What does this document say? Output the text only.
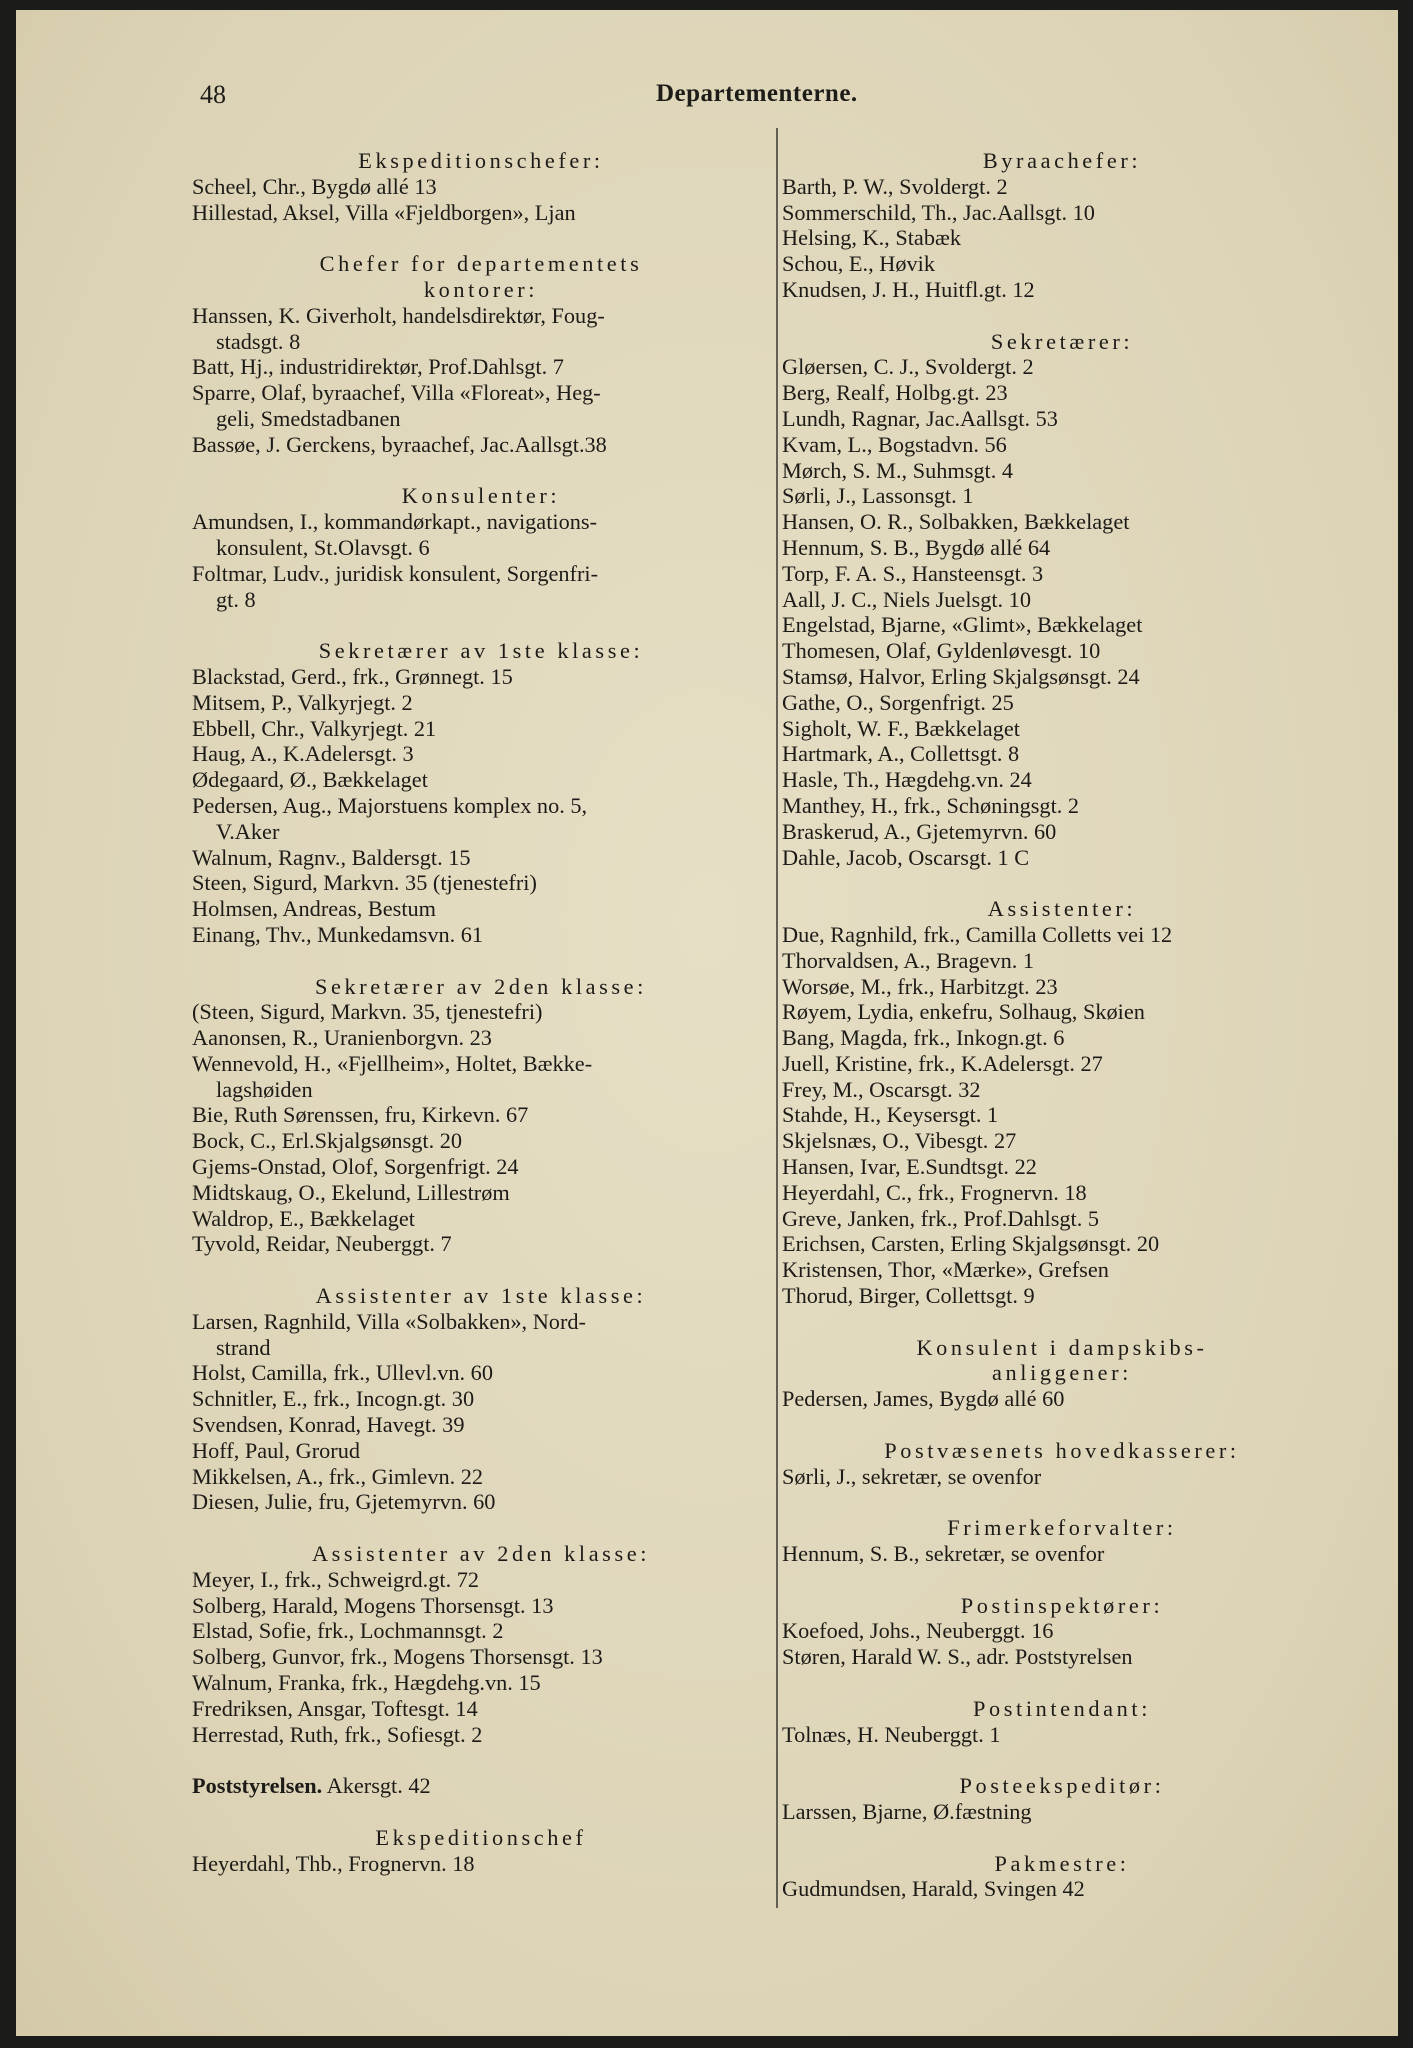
48	Departementerne.
Ekspeditionschefer:
Scheel, Chr., Bygdø allé 13
Hillestad, Aksel, Villa «Fjeldborgen», Ljan
Chefer for departementets
kontorer:
Hanssen, K. Giverholt, handelsdirektør, Foug-
stadsgt. 8
Batt, Hj., industridirektør, Prof.Dahlsgt. 7
Sparre, Olaf, byraachef, Villa «Floreat», Heg-
geli, Smedstadbanen
Bassøe, J. Gerckens, byraachef, Jac.Aallsgt.38
Konsulenter:
Amundsen, I., kommandørkapt., navigations-
konsulent, St.Olavsgt. 6
Foltmar, Ludv., juridisk konsulent, Sorgenfri-
gt. 8
Sekretærer av 1ste klasse:
Blackstad, Gerd., frk., Grønnegt. 15
Mitsem, P., Valkyrjegt. 2
Ebbell, Chr., Valkyrjegt. 21
Haug, A., K.Adelersgt. 3
Ødegaard, Ø., Bækkelaget
Pedersen, Aug., Majorstuens komplex no. 5,
V.Aker
Walnum, Ragnv., Baldersgt. 15
Steen, Sigurd, Markvn. 35 (tjenestefri)
Holmsen, Andreas, Bestum
Einang, Thv., Munkedamsvn. 61
Sekretærer av 2den klasse:
(Steen, Sigurd, Markvn. 35, tjenestefri)
Aanonsen, R., Uranienborgvn. 23
Wennevold, H., «Fjellheim», Holtet, Bække-
lagshøiden
Bie, Ruth Sørenssen, fru, Kirkevn. 67
Bock, C., Erl.Skjalgsønsgt. 20
Gjems-Onstad, Olof, Sorgenfrigt. 24
Midtskaug, O., Ekelund, Lillestrøm
Waldrop, E., Bækkelaget
Tyvold, Reidar, Neuberggt. 7
Assistenter av 1ste klasse:
Larsen, Ragnhild, Villa «Solbakken», Nord-
strand
Holst, Camilla, frk., Ullevl.vn. 60
Schnitler, E., frk., Incogn.gt. 30
Svendsen, Konrad, Havegt. 39
Hoff, Paul, Grorud
Mikkelsen, A., frk., Gimlevn. 22
Diesen, Julie, fru, Gjetemyrvn. 60
Assistenter av 2den klasse:
Meyer, I., frk., Schweigrd.gt. 72
Solberg, Harald, Mogens Thorsensgt. 13
Elstad, Sofie, frk., Lochmannsgt. 2
Solberg, Gunvor, frk., Mogens Thorsensgt. 13
Walnum, Franka, frk., Hægdehg.vn. 15
Fredriksen, Ansgar, Toftesgt. 14
Herrestad, Ruth, frk., Sofiesgt. 2
Poststyrelsen. Akersgt. 42
Ekspeditionschef
Heyerdahl, Thb., Frognervn. 18
Byraachefer:
Barth, P. W., Svoldergt. 2
Sommerschild, Th., Jac.Aallsgt. 10
Helsing, K., Stabæk
Schou, E., Høvik
Knudsen, J. H., Huitfl.gt. 12
Sekretærer:
Gløersen, C. J., Svoldergt. 2
Berg, Realf, Holbg.gt. 23
Lundh, Ragnar, Jac.Aallsgt. 53
Kvam, L., Bogstadvn. 56
Mørch, S. M., Suhmsgt. 4
Sørli, J., Lassonsgt. 1
Hansen, O. R., Solbakken, Bækkelaget
Hennum, S. B., Bygdø allé 64
Torp, F. A. S., Hansteensgt. 3
Aall, J. C., Niels Juelsgt. 10
Engelstad, Bjarne, «Glimt», Bækkelaget
Thomesen, Olaf, Gyldenløvesgt. 10
Stamsø, Halvor, Erling Skjalgsønsgt. 24
Gathe, O., Sorgenfrigt. 25
Sigholt, W. F., Bækkelaget
Hartmark, A., Collettsgt. 8
Hasle, Th., Hægdehg.vn. 24
Manthey, H., frk., Schøningsgt. 2
Braskerud, A., Gjetemyrvn. 60
Dahle, Jacob, Oscarsgt. 1 C
Assistenter:
Due, Ragnhild, frk., Camilla Colletts vei 12
Thorvaldsen, A., Bragevn. 1
Worsøe, M., frk., Harbitzgt. 23
Røyem, Lydia, enkefru, Solhaug, Skøien
Bang, Magda, frk., Inkogn.gt. 6
Juell, Kristine, frk., K.Adelersgt. 27
Frey, M., Oscarsgt. 32
Stahde, H., Keysersgt. 1
Skjelsnæs, O., Vibesgt. 27
Hansen, Ivar, E.Sundtsgt. 22
Heyerdahl, C., frk., Frognervn. 18
Greve, Janken, frk., Prof.Dahlsgt. 5
Erichsen, Carsten, Erling Skjalgsønsgt. 20
Kristensen, Thor, «Mærke», Grefsen
Thorud, Birger, Collettsgt. 9
Konsulent i dampskibs-
anliggener:
Pedersen, James, Bygdø allé 60
Postvæsenets hovedkasserer:
Sørli, J., sekretær, se ovenfor
Frimerkeforvalter:
Hennum, S. B., sekretær, se ovenfor
Postinspektører:
Koefoed, Johs., Neuberggt. 16
Støren, Harald W. S., adr. Poststyrelsen
Postintendant:
Tolnæs, H. Neuberggt. 1
Posteekspeditør:
Larssen, Bjarne, Ø.fæstning
Pakmestre:
Gudmundsen, Harald, Svingen 42
